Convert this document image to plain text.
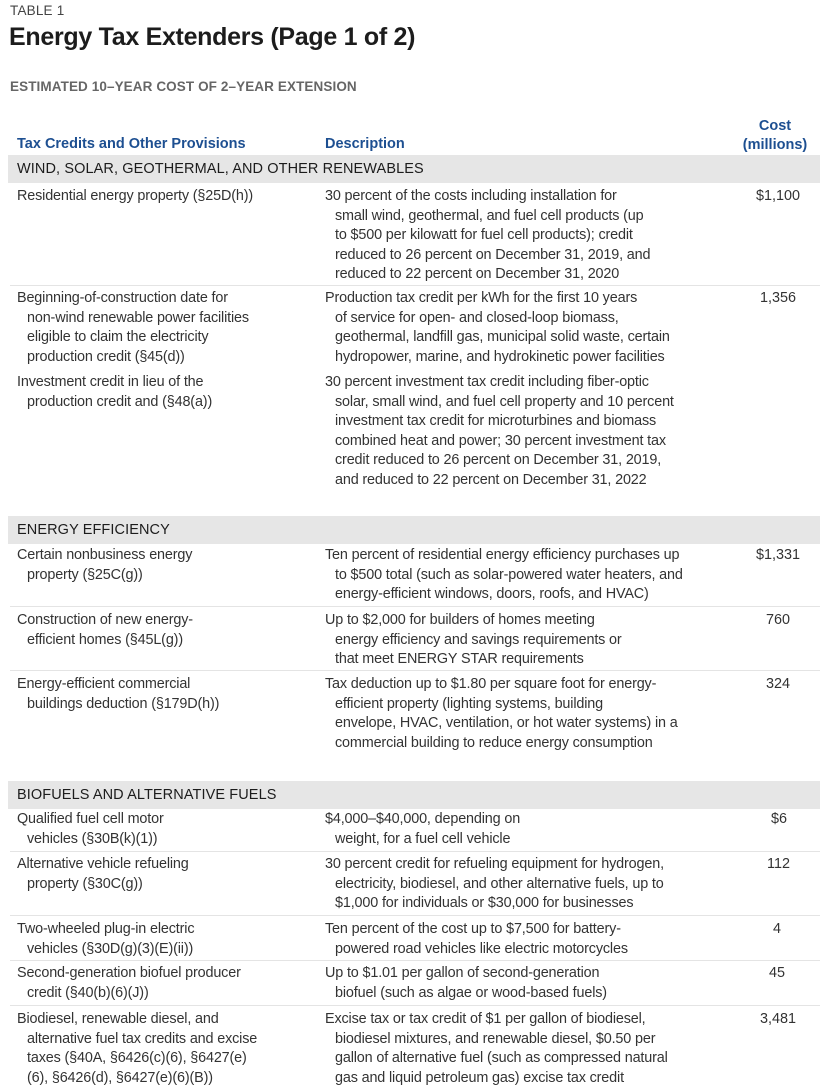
TABLE 1
Energy Tax Extenders (Page 1 of 2)
ESTIMATED 10–YEAR COST OF 2–YEAR EXTENSION
Tax Credits and Other Provisions	Description
Cost
(millions)
WIND, SOLAR, GEOTHERMAL, AND OTHER RENEWABLES
Residential energy property (§25D(h))	30 percent of the costs including installation for
small wind, geothermal, and fuel cell products (up
to $500 per kilowatt for fuel cell products); credit
reduced to 26 percent on December 31, 2019, and
reduced to 22 percent on December 31, 2020
$1,100
Beginning-of-construction date for
non-wind renewable power facilities
eligible to claim the electricity
production credit (§45(d))
Production tax credit per kWh for the first 10 years
of service for open- and closed-loop biomass,
geothermal, landfill gas, municipal solid waste, certain
hydropower, marine, and hydrokinetic power facilities
1,356
Investment credit in lieu of the
production credit and (§48(a))
30 percent investment tax credit including fiber-optic
solar, small wind, and fuel cell property and 10 percent
investment tax credit for microturbines and biomass
combined heat and power; 30 percent investment tax
credit reduced to 26 percent on December 31, 2019,
and reduced to 22 percent on December 31, 2022
ENERGY EFFICIENCY
Certain nonbusiness energy
property (§25C(g))
Ten percent of residential energy efficiency purchases up
to $500 total (such as solar-powered water heaters, and
energy-efficient windows, doors, roofs, and HVAC)
$1,331
Construction of new energy-
efficient homes (§45L(g))
Up to $2,000 for builders of homes meeting
energy efficiency and savings requirements or
that meet ENERGY STAR requirements
760
Energy-efficient commercial
buildings deduction (§179D(h))
Tax deduction up to $1.80 per square foot for energy-
efficient property (lighting systems, building
envelope, HVAC, ventilation, or hot water systems) in a
commercial building to reduce energy consumption
324
BIOFUELS AND ALTERNATIVE FUELS
Qualified fuel cell motor
vehicles (§30B(k)(1))
$4,000–$40,000, depending on
weight, for a fuel cell vehicle
$6
Alternative vehicle refueling
property (§30C(g))
30 percent credit for refueling equipment for hydrogen,
electricity, biodiesel, and other alternative fuels, up to
$1,000 for individuals or $30,000 for businesses
112
Two-wheeled plug-in electric
vehicles (§30D(g)(3)(E)(ii))
Ten percent of the cost up to $7,500 for battery-
powered road vehicles like electric motorcycles
4
Second-generation biofuel producer
credit (§40(b)(6)(J))
Up to $1.01 per gallon of second-generation
biofuel (such as algae or wood-based fuels)
45
Biodiesel, renewable diesel, and
alternative fuel tax credits and excise
taxes (§40A, §6426(c)(6), §6427(e)
(6), §6426(d), §6427(e)(6)(B))
Excise tax or tax credit of $1 per gallon of biodiesel,
biodiesel mixtures, and renewable diesel, $0.50 per
gallon of alternative fuel (such as compressed natural
gas and liquid petroleum gas) excise tax credit
3,481
